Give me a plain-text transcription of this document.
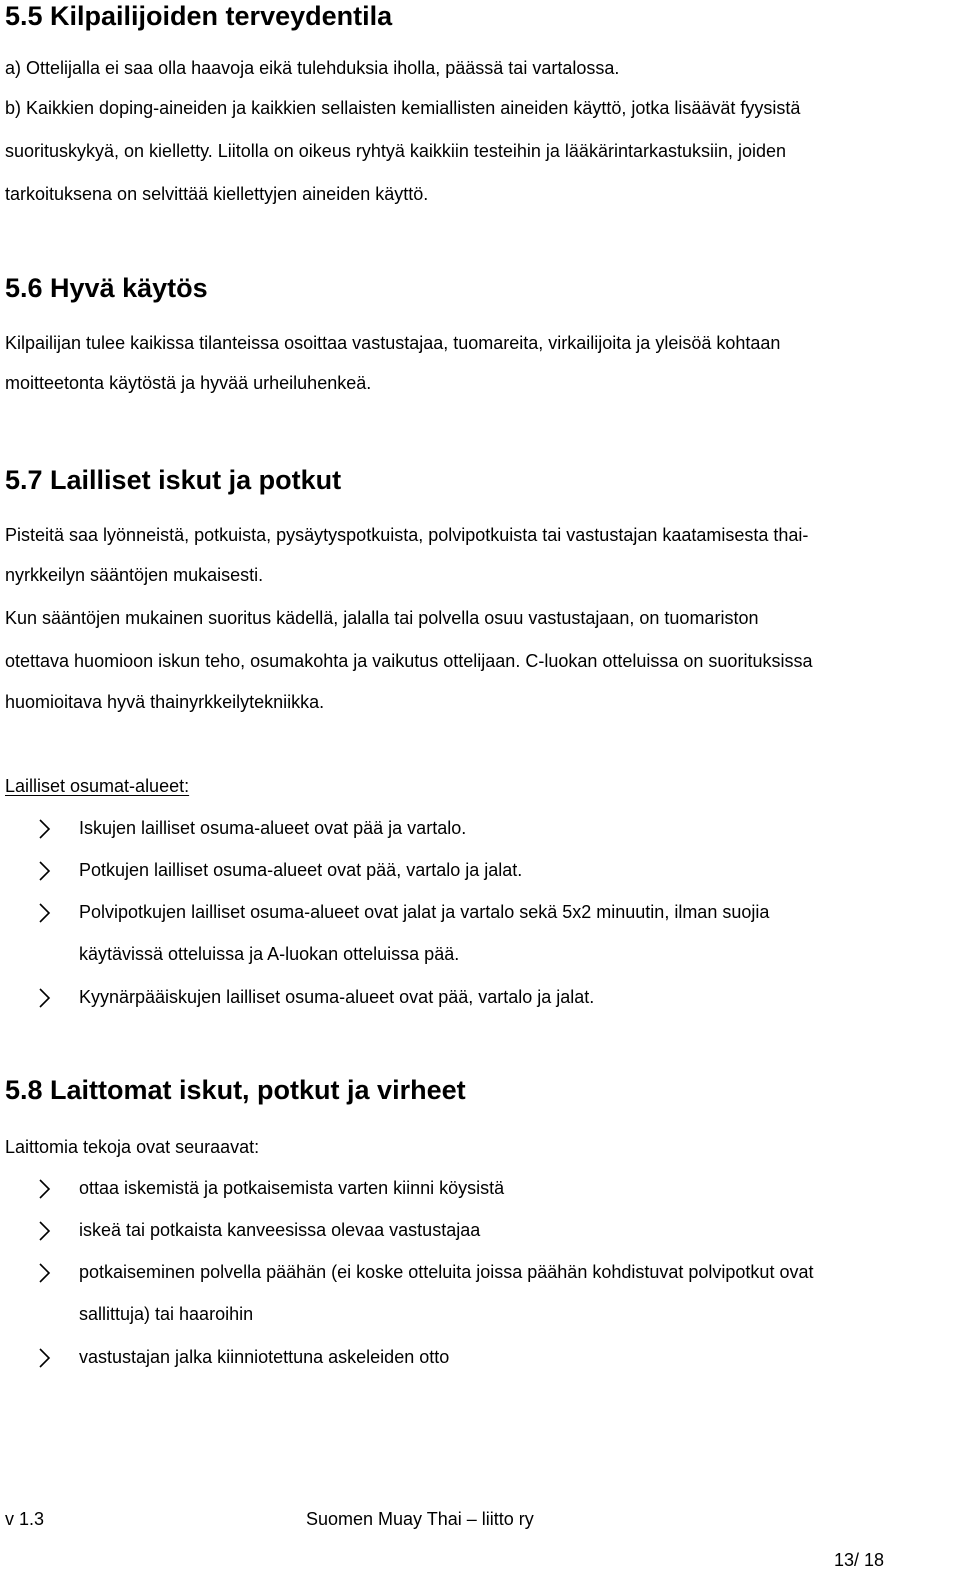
5.5 Kilpailijoiden terveydentila

a) Ottelijalla ei saa olla haavoja eikä tulehduksia iholla, päässä tai vartalossa.

b) Kaikkien doping-aineiden ja kaikkien sellaisten kemiallisten aineiden käyttö, jotka lisäävät fyysistä

suorituskykyä, on kielletty. Liitolla on oikeus ryhtyä kaikkiin testeihin ja lääkärintarkastuksiin, joiden

tarkoituksena on selvittää kiellettyjen aineiden käyttö.

5.6 Hyvä käytös

Kilpailijan tulee kaikissa tilanteissa osoittaa vastustajaa, tuomareita, virkailijoita ja yleisöä kohtaan

moitteetonta käytöstä ja hyvää urheiluhenkeä.

5.7 Lailliset iskut ja potkut

Pisteitä saa lyönneistä, potkuista, pysäytyspotkuista, polvipotkuista tai vastustajan kaatamisesta thai-

nyrkkeilyn sääntöjen mukaisesti.

Kun sääntöjen mukainen suoritus kädellä, jalalla tai polvella osuu vastustajaan, on tuomariston

otettava huomioon iskun teho, osumakohta ja vaikutus ottelijaan. C-luokan otteluissa on suorituksissa

huomioitava hyvä thainyrkkeilytekniikka.

Lailliset osumat-alueet:

Iskujen lailliset osuma-alueet ovat pää ja vartalo.

Potkujen lailliset osuma-alueet ovat pää, vartalo ja jalat.

Polvipotkujen lailliset osuma-alueet ovat jalat ja vartalo sekä 5x2 minuutin, ilman suojia

käytävissä otteluissa ja A-luokan otteluissa pää.

Kyynärpääiskujen lailliset osuma-alueet ovat pää, vartalo ja jalat.

5.8 Laittomat iskut, potkut ja virheet

Laittomia tekoja ovat seuraavat:

ottaa iskemistä ja potkaisemista varten kiinni köysistä

iskeä tai potkaista kanveesissa olevaa vastustajaa

potkaiseminen polvella päähän (ei koske otteluita joissa päähän kohdistuvat polvipotkut ovat

sallittuja) tai haaroihin

vastustajan jalka kiinniotettuna askeleiden otto

v 1.3	Suomen Muay Thai – liitto ry

13/ 18
